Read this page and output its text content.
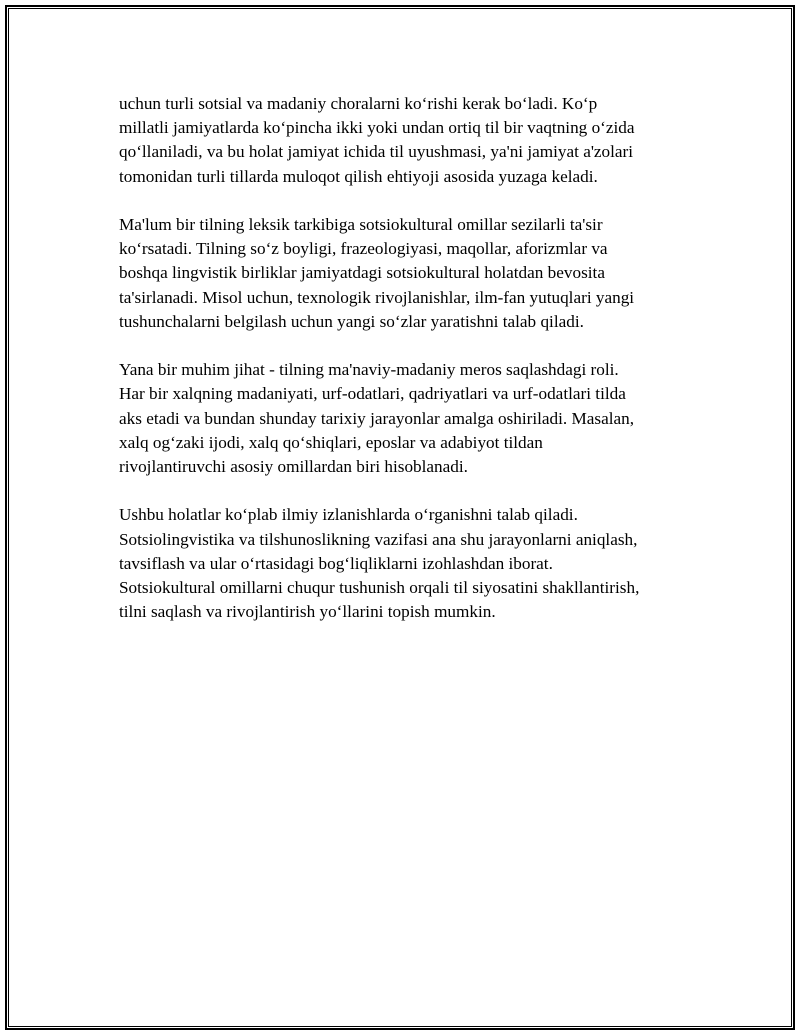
uchun turli sotsial va madaniy choralarni ko‘rishi kerak bo‘ladi. Ko‘p
millatli jamiyatlarda ko‘pincha ikki yoki undan ortiq til bir vaqtning o‘zida
qo‘llaniladi, va bu holat jamiyat ichida til uyushmasi, ya'ni jamiyat a'zolari
tomonidan turli tillarda muloqot qilish ehtiyoji asosida yuzaga keladi.

Ma'lum bir tilning leksik tarkibiga sotsiokultural omillar sezilarli ta'sir
ko‘rsatadi. Tilning so‘z boyligi, frazeologiyasi, maqollar, aforizmlar va
boshqa lingvistik birliklar jamiyatdagi sotsiokultural holatdan bevosita
ta'sirlanadi. Misol uchun, texnologik rivojlanishlar, ilm-fan yutuqlari yangi
tushunchalarni belgilash uchun yangi so‘zlar yaratishni talab qiladi.

Yana bir muhim jihat - tilning ma'naviy-madaniy meros saqlashdagi roli.
Har bir xalqning madaniyati, urf-odatlari, qadriyatlari va urf-odatlari tilda
aks etadi va bundan shunday tarixiy jarayonlar amalga oshiriladi. Masalan,
xalq og‘zaki ijodi, xalq qo‘shiqlari, eposlar va adabiyot tildan
rivojlantiruvchi asosiy omillardan biri hisoblanadi.

Ushbu holatlar ko‘plab ilmiy izlanishlarda o‘rganishni talab qiladi.
Sotsiolingvistika va tilshunoslikning vazifasi ana shu jarayonlarni aniqlash,
tavsiflash va ular o‘rtasidagi bog‘liqliklarni izohlashdan iborat.
Sotsiokultural omillarni chuqur tushunish orqali til siyosatini shakllantirish,
tilni saqlash va rivojlantirish yo‘llarini topish mumkin.
